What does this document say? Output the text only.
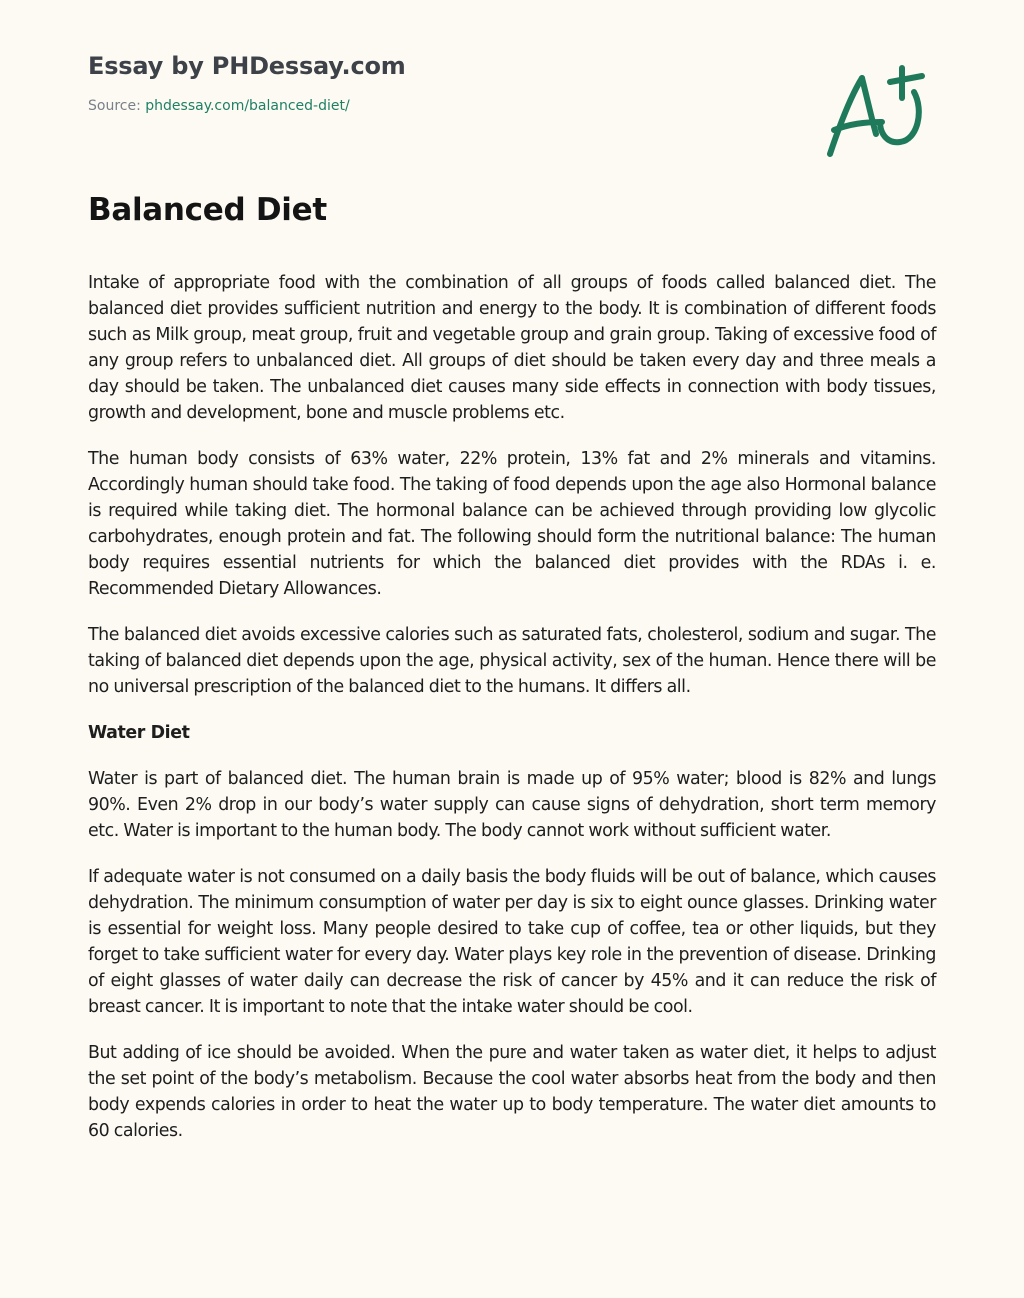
Essay by PHDessay.com
Source: phdessay.com/balanced-diet/
Balanced Diet

Intake of appropriate food with the combination of all groups of foods called balanced diet. The balanced diet provides sufficient nutrition and energy to the body. It is combination of different foods such as Milk group, meat group, fruit and vegetable group and grain group. Taking of excessive food of any group refers to unbalanced diet. All groups of diet should be taken every day and three meals a day should be taken. The unbalanced diet causes many side effects in connection with body tissues, growth and development, bone and muscle problems etc.

The human body consists of 63% water, 22% protein, 13% fat and 2% minerals and vitamins. Accordingly human should take food. The taking of food depends upon the age also Hormonal balance is required while taking diet. The hormonal balance can be achieved through providing low glycolic carbohydrates, enough protein and fat. The following should form the nutritional balance: The human body requires essential nutrients for which the balanced diet provides with the RDAs i. e. Recommended Dietary Allowances.

The balanced diet avoids excessive calories such as saturated fats, cholesterol, sodium and sugar. The taking of balanced diet depends upon the age, physical activity, sex of the human. Hence there will be no universal prescription of the balanced diet to the humans. It differs all.

Water Diet

Water is part of balanced diet. The human brain is made up of 95% water; blood is 82% and lungs 90%. Even 2% drop in our body’s water supply can cause signs of dehydration, short term memory etc. Water is important to the human body. The body cannot work without sufficient water.

If adequate water is not consumed on a daily basis the body fluids will be out of balance, which causes dehydration. The minimum consumption of water per day is six to eight ounce glasses. Drinking water is essential for weight loss. Many people desired to take cup of coffee, tea or other liquids, but they forget to take sufficient water for every day. Water plays key role in the prevention of disease. Drinking of eight glasses of water daily can decrease the risk of cancer by 45% and it can reduce the risk of breast cancer. It is important to note that the intake water should be cool.

But adding of ice should be avoided. When the pure and water taken as water diet, it helps to adjust the set point of the body’s metabolism. Because the cool water absorbs heat from the body and then body expends calories in order to heat the water up to body temperature. The water diet amounts to 60 calories.
